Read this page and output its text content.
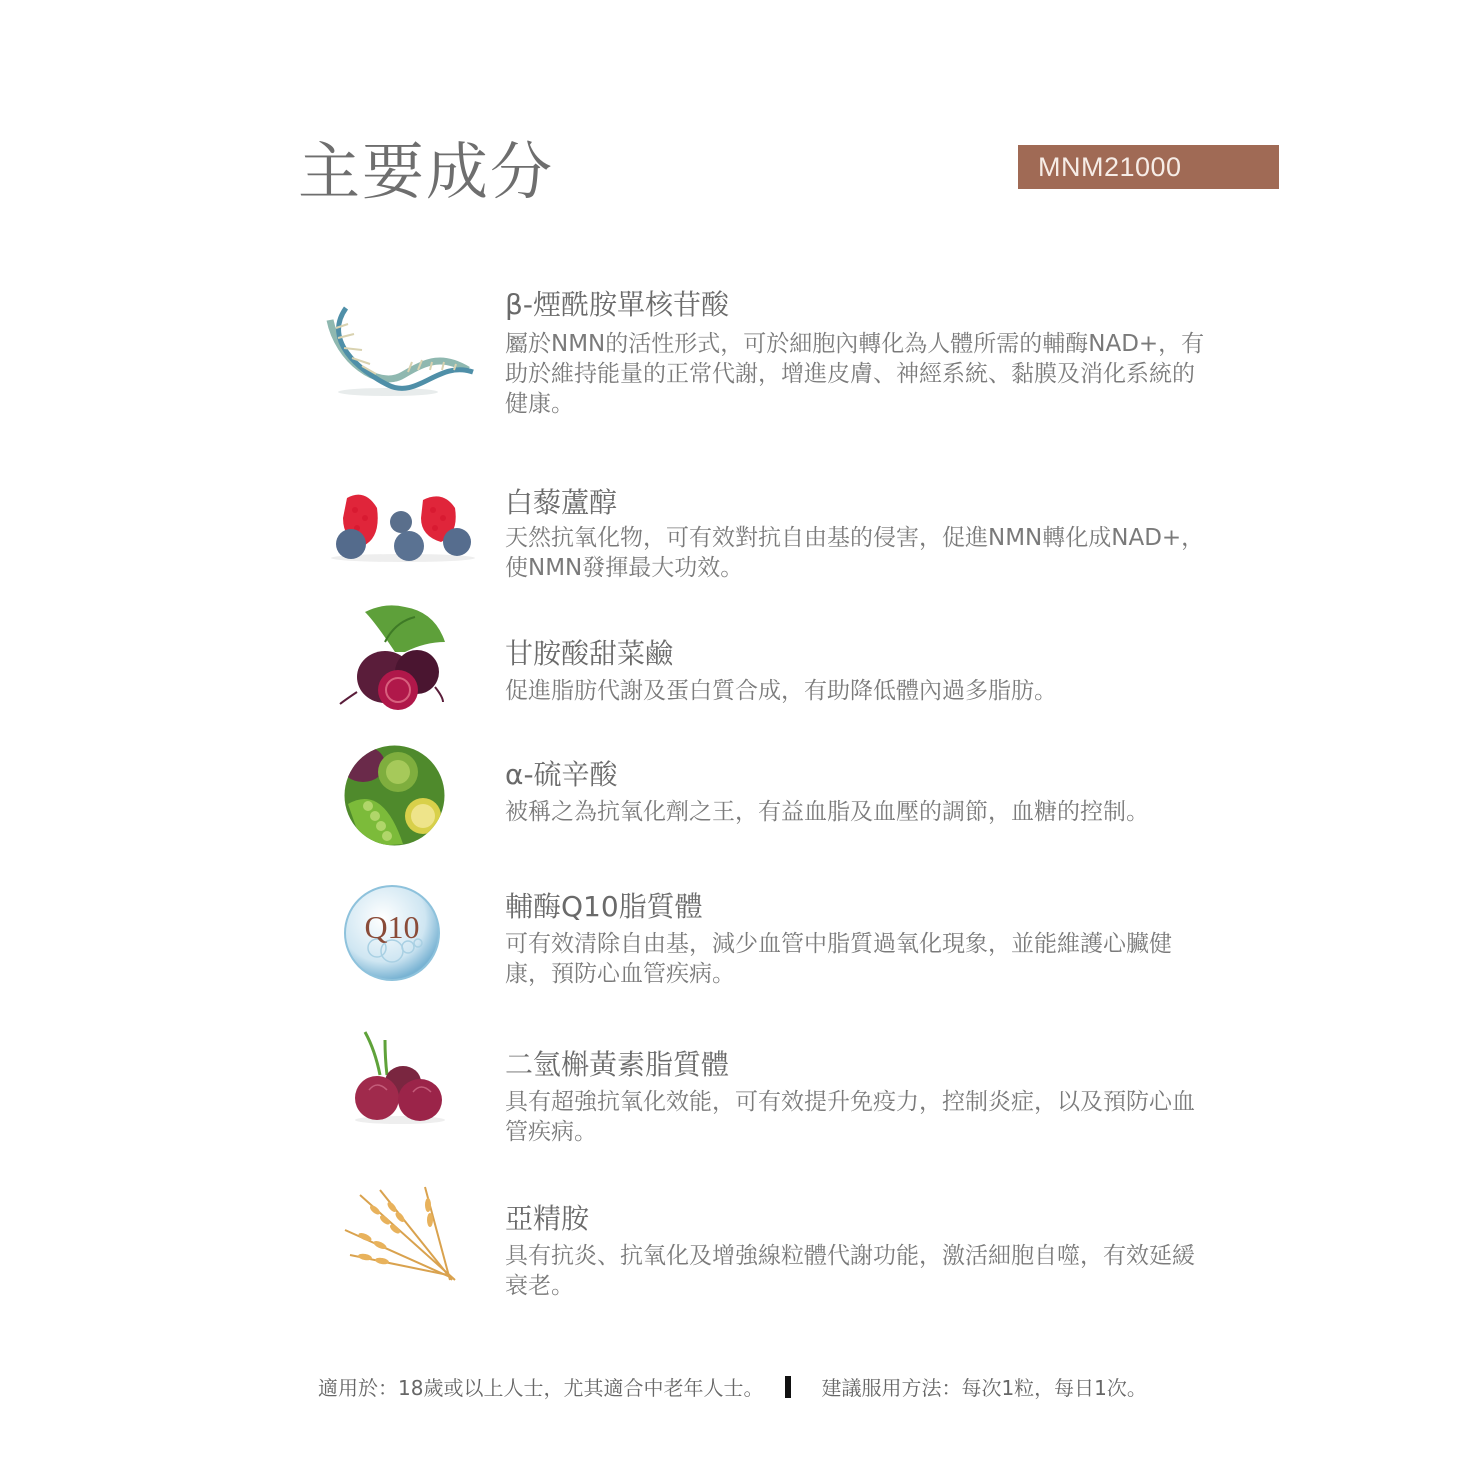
主要成分	MNM21000
β-煙酰胺單核苷酸
屬於NMN的活性形式，可於細胞內轉化為人體所需的輔酶NAD+，有助於維持能量的正常代謝，增進皮膚、神經系統、黏膜及消化系統的健康。
白藜蘆醇
天然抗氧化物，可有效對抗自由基的侵害，促進NMN轉化成NAD+，使NMN發揮最大功效。
甘胺酸甜菜鹼
促進脂肪代謝及蛋白質合成，有助降低體內過多脂肪。
α-硫辛酸
被稱之為抗氧化劑之王，有益血脂及血壓的調節，血糖的控制。
Q10
輔酶Q10脂質體
可有效清除自由基，減少血管中脂質過氧化現象，並能維護心臟健康，預防心血管疾病。
二氫槲黃素脂質體
具有超強抗氧化效能，可有效提升免疫力，控制炎症，以及預防心血管疾病。
亞精胺
具有抗炎、抗氧化及增強線粒體代謝功能，激活細胞自噬，有效延緩衰老。
適用於：18歲或以上人士，尤其適合中老年人士。	建議服用方法：每次1粒，每日1次。
